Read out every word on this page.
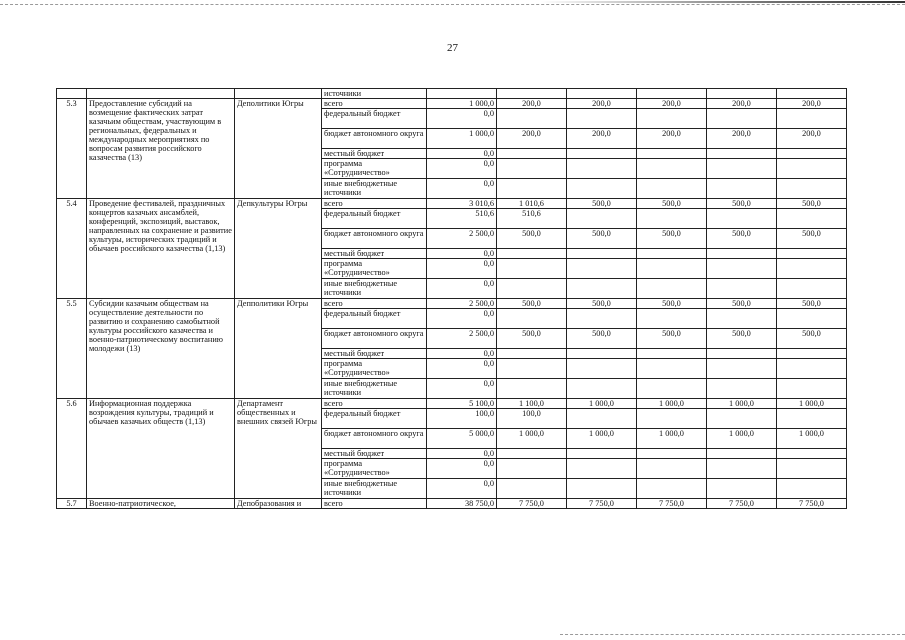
27
			источники						
5.3	Предоставление субсидий на возмещение фактических затрат казачьим обществам, участвующим в региональных, федеральных и международных мероприятиях по вопросам развития российского казачества (13)	Дeполитики Югры	всего	1 000,0	200,0	200,0	200,0	200,0	200,0
			федеральный бюджет	0,0					
			бюджет автономного округа	1 000,0	200,0	200,0	200,0	200,0	200,0
			местный бюджет	0,0					
			программа «Сотрудничество»	0,0					
			иные внебюджетные источники	0,0					
5.4	Проведение фестивалей, праздничных концертов казачьих ансамблей, конференций, экспозиций, выставок, направленных на сохранение и развитие культуры, исторических традиций и обычаев российского казачества (1,13)	Депкультуры Югры	всего	3 010,6	1 010,6	500,0	500,0	500,0	500,0
			федеральный бюджет	510,6	510,6				
			бюджет автономного округа	2 500,0	500,0	500,0	500,0	500,0	500,0
			местный бюджет	0,0					
			программа «Сотрудничество»	0,0					
			иные внебюджетные источники	0,0					
5.5	Субсидии казачьим обществам на осуществление деятельности по развитию и сохранению самобытной культуры российского казачества и военно-патриотическому воспитанию молодежи (13)	Депполитики Югры	всего	2 500,0	500,0	500,0	500,0	500,0	500,0
			федеральный бюджет	0,0					
			бюджет автономного округа	2 500,0	500,0	500,0	500,0	500,0	500,0
			местный бюджет	0,0					
			программа «Сотрудничество»	0,0					
			иные внебюджетные источники	0,0					
5.6	Информационная поддержка возрождения культуры, традиций и обычаев казачьих обществ (1,13)	Департамент общественных и внешних связей Югры	всего	5 100,0	1 100,0	1 000,0	1 000,0	1 000,0	1 000,0
			федеральный бюджет	100,0	100,0				
			бюджет автономного округа	5 000,0	1 000,0	1 000,0	1 000,0	1 000,0	1 000,0
			местный бюджет	0,0					
			программа «Сотрудничество»	0,0					
			иные внебюджетные источники	0,0					
5.7	Военно-патриотическое,	Депобразования и	всего	38 750,0	7 750,0	7 750,0	7 750,0	7 750,0	7 750,0
